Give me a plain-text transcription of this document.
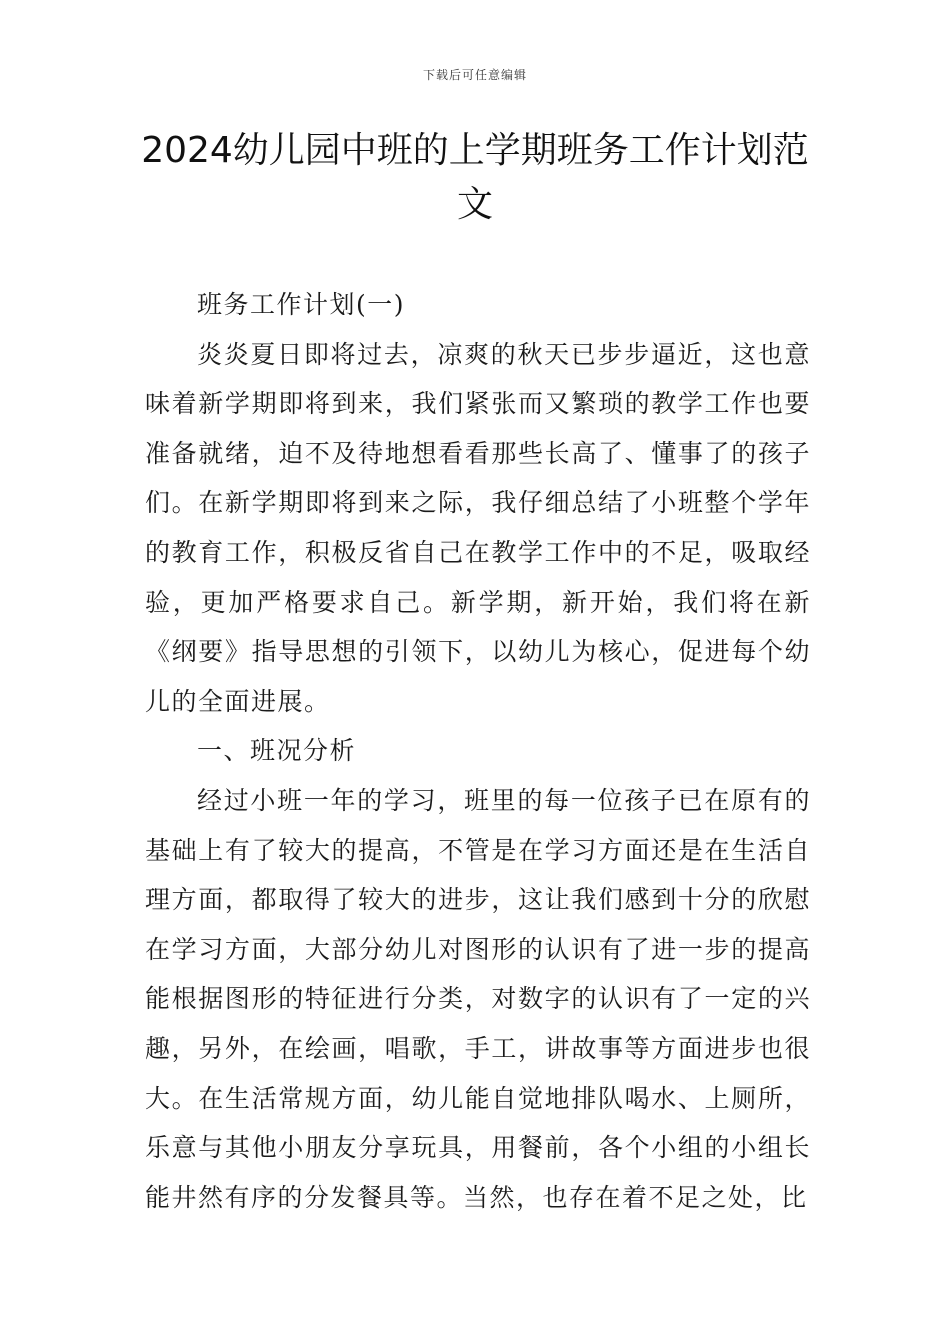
下载后可任意编辑
2024幼儿园中班的上学期班务工作计划范文

班务工作计划(一)

炎炎夏日即将过去，凉爽的秋天已步步逼近，这也意味着新学期即将到来，我们紧张而又繁琐的教学工作也要准备就绪，迫不及待地想看看那些长高了、懂事了的孩子们。在新学期即将到来之际，我仔细总结了小班整个学年的教育工作，积极反省自己在教学工作中的不足，吸取经验，更加严格要求自己。新学期，新开始，我们将在新《纲要》指导思想的引领下，以幼儿为核心，促进每个幼儿的全面进展。

一、班况分析

经过小班一年的学习，班里的每一位孩子已在原有的基础上有了较大的提高，不管是在学习方面还是在生活自理方面，都取得了较大的进步，这让我们感到十分的欣慰在学习方面，大部分幼儿对图形的认识有了进一步的提高能根据图形的特征进行分类，对数字的认识有了一定的兴趣，另外，在绘画，唱歌，手工，讲故事等方面进步也很大。在生活常规方面，幼儿能自觉地排队喝水、上厕所，乐意与其他小朋友分享玩具，用餐前，各个小组的小组长能井然有序的分发餐具等。当然，也存在着不足之处，比
